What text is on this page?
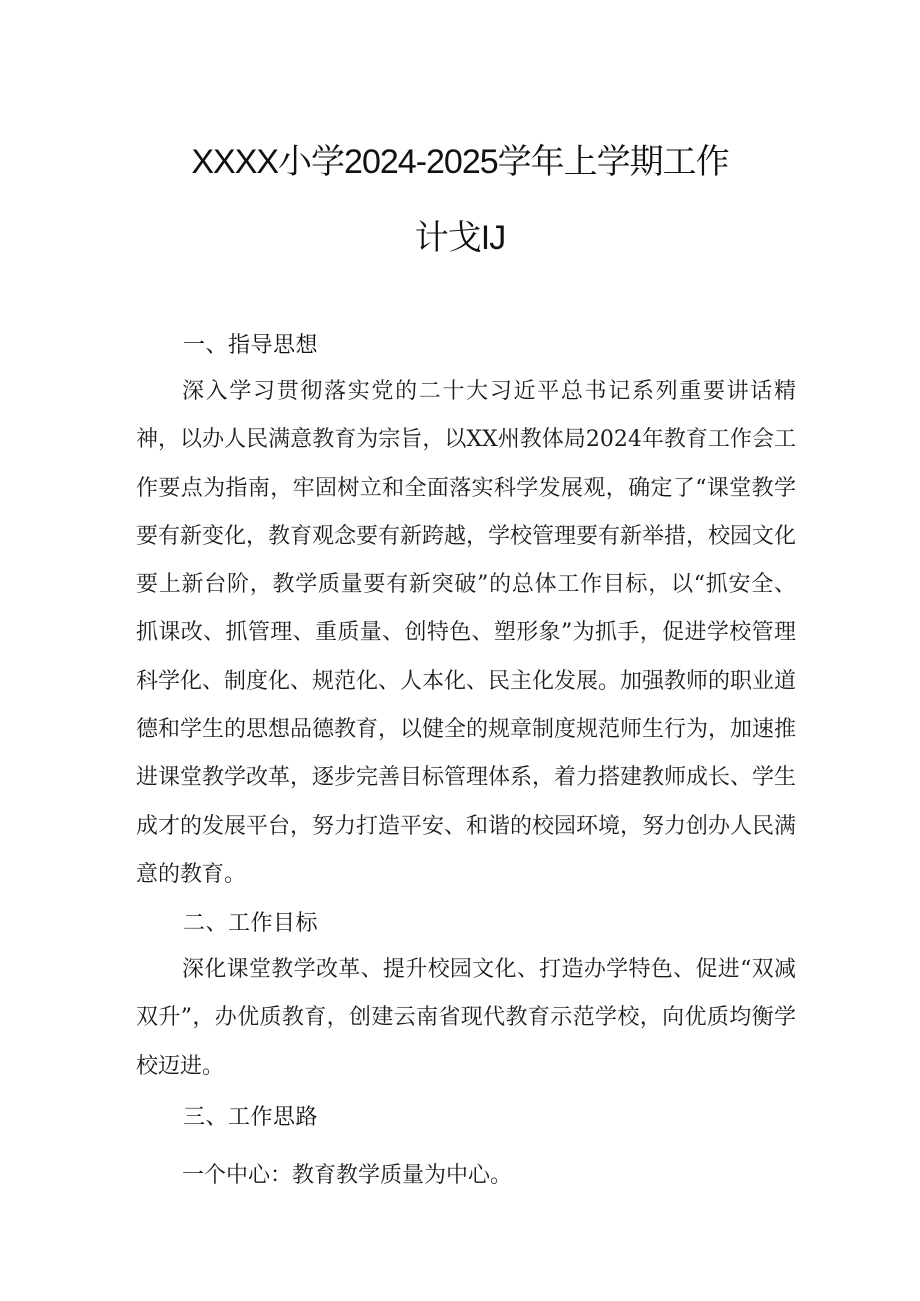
XXXX小学2024-2025学年上学期工作
计戈IJ
一、指导思想

深入学习贯彻落实党的二十大习近平总书记系列重要讲话精神，以办人民满意教育为宗旨，以XX州教体局2024年教育工作会工作要点为指南，牢固树立和全面落实科学发展观，确定了“课堂教学要有新变化，教育观念要有新跨越，学校管理要有新举措，校园文化要上新台阶，教学质量要有新突破”的总体工作目标，以“抓安全、抓课改、抓管理、重质量、创特色、塑形象”为抓手，促进学校管理科学化、制度化、规范化、人本化、民主化发展。加强教师的职业道德和学生的思想品德教育，以健全的规章制度规范师生行为，加速推进课堂教学改革，逐步完善目标管理体系，着力搭建教师成长、学生成才的发展平台，努力打造平安、和谐的校园环境，努力创办人民满意的教育。

二、工作目标

深化课堂教学改革、提升校园文化、打造办学特色、促进“双减双升”，办优质教育，创建云南省现代教育示范学校，向优质均衡学校迈进。

三、工作思路

一个中心：教育教学质量为中心。
